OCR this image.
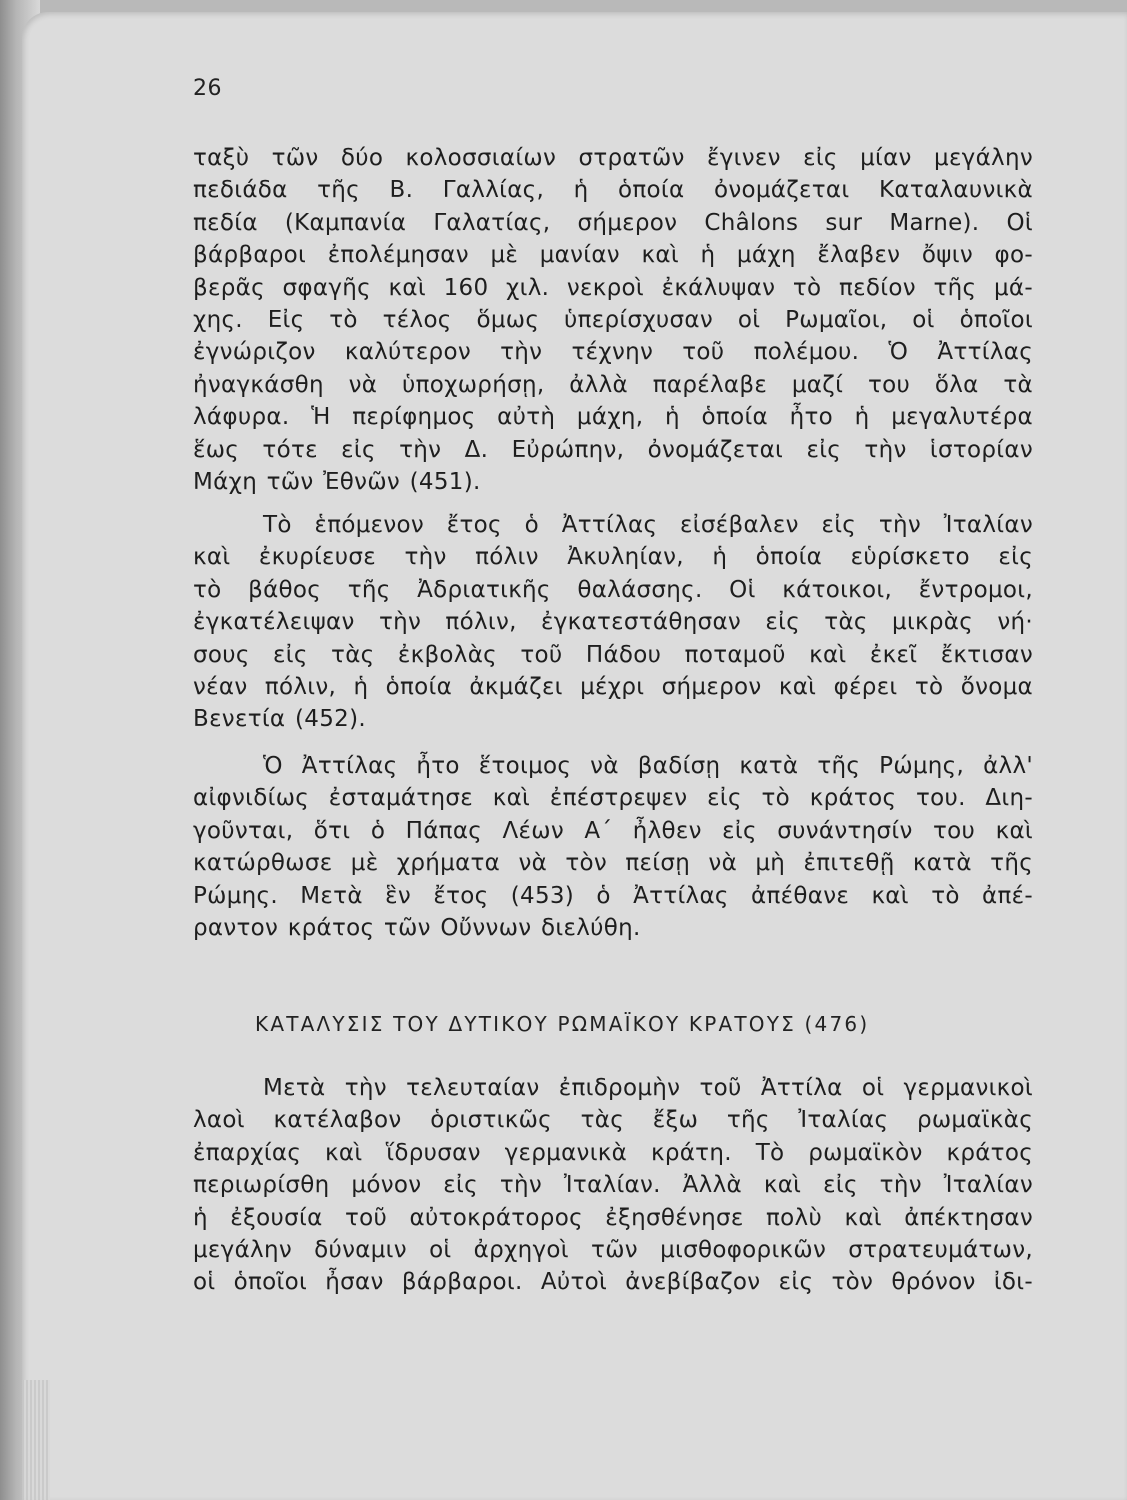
26

ταξὺ τῶν δύο κολοσσιαίων στρατῶν ἔγινεν εἰς μίαν μεγάλην
πεδιάδα τῆς Β. Γαλλίας, ἡ ὁποία ὀνομάζεται Καταλαυνικὰ
πεδία (Καμπανία Γαλατίας, σήμερον Châlons sur Marne). Οἱ
βάρβαροι ἐπολέμησαν μὲ μανίαν καὶ ἡ μάχη ἔλαβεν ὄψιν φο-
βερᾶς σφαγῆς καὶ 160 χιλ. νεκροὶ ἐκάλυψαν τὸ πεδίον τῆς μά-
χης. Εἰς τὸ τέλος ὅμως ὑπερίσχυσαν οἱ Ρωμαῖοι, οἱ ὁποῖοι
ἐγνώριζον καλύτερον τὴν τέχνην τοῦ πολέμου. Ὁ Ἀττίλας
ἠναγκάσθη νὰ ὑποχωρήσῃ, ἀλλὰ παρέλαβε μαζί του ὅλα τὰ
λάφυρα. Ἡ περίφημος αὐτὴ μάχη, ἡ ὁποία ἦτο ἡ μεγαλυτέρα
ἕως τότε εἰς τὴν Δ. Εὐρώπην, ὀνομάζεται εἰς τὴν ἱστορίαν
Μάχη τῶν Ἐθνῶν (451).

Τὸ ἑπόμενον ἔτος ὁ Ἀττίλας εἰσέβαλεν εἰς τὴν Ἰταλίαν
καὶ ἐκυρίευσε τὴν πόλιν Ἀκυληίαν, ἡ ὁποία εὑρίσκετο εἰς
τὸ βάθος τῆς Ἀδριατικῆς θαλάσσης. Οἱ κάτοικοι, ἔντρομοι,
ἐγκατέλειψαν τὴν πόλιν, ἐγκατεστάθησαν εἰς τὰς μικρὰς νή·
σους εἰς τὰς ἐκβολὰς τοῦ Πάδου ποταμοῦ καὶ ἐκεῖ ἔκτισαν
νέαν πόλιν, ἡ ὁποία ἀκμάζει μέχρι σήμερον καὶ φέρει τὸ ὄνομα
Βενετία (452).

Ὁ Ἀττίλας ἦτο ἕτοιμος νὰ βαδίσῃ κατὰ τῆς Ρώμης, ἀλλ'
αἰφνιδίως ἐσταμάτησε καὶ ἐπέστρεψεν εἰς τὸ κράτος του. Διη-
γοῦνται, ὅτι ὁ Πάπας Λέων Α΄ ἦλθεν εἰς συνάντησίν του καὶ
κατώρθωσε μὲ χρήματα νὰ τὸν πείσῃ νὰ μὴ ἐπιτεθῇ κατὰ τῆς
Ρώμης. Μετὰ ἓν ἔτος (453) ὁ Ἀττίλας ἀπέθανε καὶ τὸ ἀπέ-
ραντον κράτος τῶν Οὔννων διελύθη.

ΚΑΤΑΛΥΣΙΣ ΤΟΥ ΔΥΤΙΚΟΥ ΡΩΜΑΪΚΟΥ ΚΡΑΤΟΥΣ (476)

Μετὰ τὴν τελευταίαν ἐπιδρομὴν τοῦ Ἀττίλα οἱ γερμανικοὶ
λαοὶ κατέλαβον ὁριστικῶς τὰς ἔξω τῆς Ἰταλίας ρωμαϊκὰς
ἐπαρχίας καὶ ἵδρυσαν γερμανικὰ κράτη. Τὸ ρωμαϊκὸν κράτος
περιωρίσθη μόνον εἰς τὴν Ἰταλίαν. Ἀλλὰ καὶ εἰς τὴν Ἰταλίαν
ἡ ἐξουσία τοῦ αὐτοκράτορος ἐξησθένησε πολὺ καὶ ἀπέκτησαν
μεγάλην δύναμιν οἱ ἀρχηγοὶ τῶν μισθοφορικῶν στρατευμάτων,
οἱ ὁποῖοι ἦσαν βάρβαροι. Αὐτοὶ ἀνεβίβαζον εἰς τὸν θρόνον ἰδι-
